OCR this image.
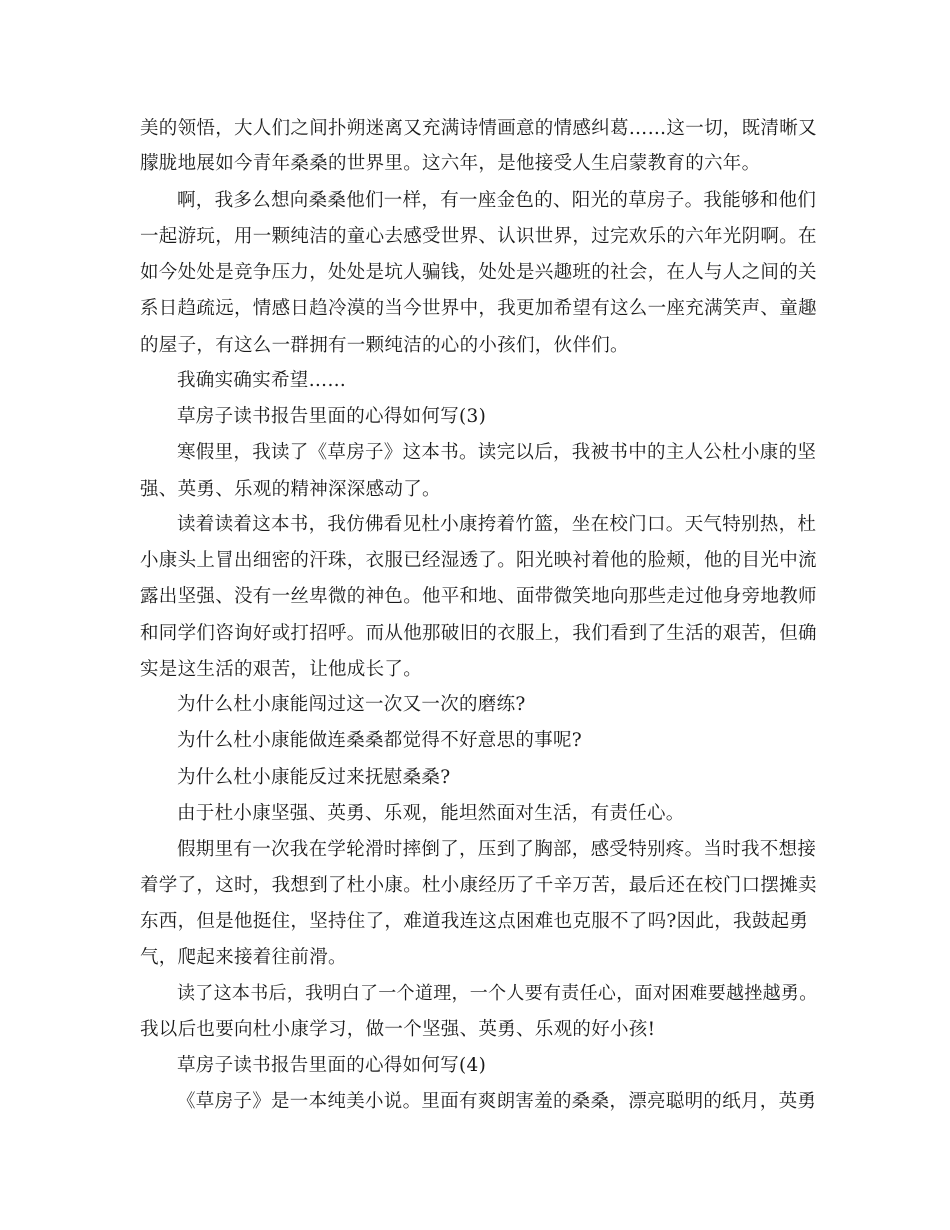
美的领悟，大人们之间扑朔迷离又充满诗情画意的情感纠葛……这一切，既清晰又
朦胧地展如今青年桑桑的世界里。这六年，是他接受人生启蒙教育的六年。
啊，我多么想向桑桑他们一样，有一座金色的、阳光的草房子。我能够和他们
一起游玩，用一颗纯洁的童心去感受世界、认识世界，过完欢乐的六年光阴啊。在
如今处处是竞争压力，处处是坑人骗钱，处处是兴趣班的社会，在人与人之间的关
系日趋疏远，情感日趋冷漠的当今世界中，我更加希望有这么一座充满笑声、童趣
的屋子，有这么一群拥有一颗纯洁的心的小孩们，伙伴们。
我确实确实希望……
草房子读书报告里面的心得如何写(3)
寒假里，我读了《草房子》这本书。读完以后，我被书中的主人公杜小康的坚
强、英勇、乐观的精神深深感动了。
读着读着这本书，我仿佛看见杜小康挎着竹篮，坐在校门口。天气特别热，杜
小康头上冒出细密的汗珠，衣服已经湿透了。阳光映衬着他的脸颊，他的目光中流
露出坚强、没有一丝卑微的神色。他平和地、面带微笑地向那些走过他身旁地教师
和同学们咨询好或打招呼。而从他那破旧的衣服上，我们看到了生活的艰苦，但确
实是这生活的艰苦，让他成长了。
为什么杜小康能闯过这一次又一次的磨练?
为什么杜小康能做连桑桑都觉得不好意思的事呢?
为什么杜小康能反过来抚慰桑桑?
由于杜小康坚强、英勇、乐观，能坦然面对生活，有责任心。
假期里有一次我在学轮滑时摔倒了，压到了胸部，感受特别疼。当时我不想接
着学了，这时，我想到了杜小康。杜小康经历了千辛万苦，最后还在校门口摆摊卖
东西，但是他挺住，坚持住了，难道我连这点困难也克服不了吗?因此，我鼓起勇
气，爬起来接着往前滑。
读了这本书后，我明白了一个道理，一个人要有责任心，面对困难要越挫越勇。
我以后也要向杜小康学习，做一个坚强、英勇、乐观的好小孩!
草房子读书报告里面的心得如何写(4)
《草房子》是一本纯美小说。里面有爽朗害羞的桑桑，漂亮聪明的纸月，英勇
